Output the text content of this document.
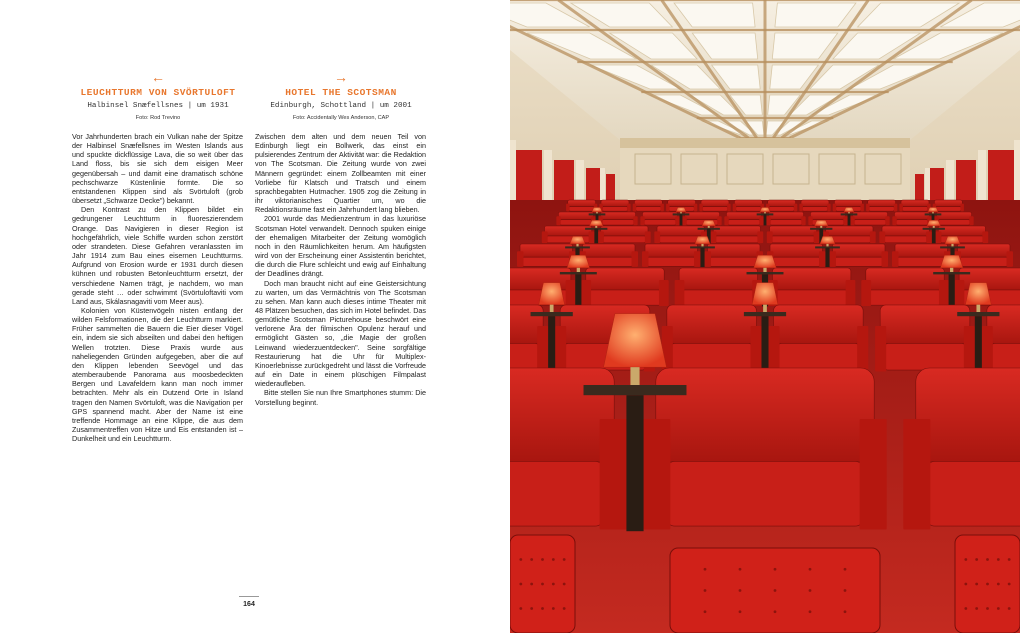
←
LEUCHTTURM VON SVÖRTULOFT
Halbinsel Snæfellsnes | um 1931
Foto: Rod Trevino
→
HOTEL THE SCOTSMAN
Edinburgh, Schottland | um 2001
Foto: Accidentally Wes Anderson, CAP

Vor Jahrhunderten brach ein Vulkan nahe der Spitze der Halbinsel Snæfellsnes im Westen Islands aus und spuckte dickflüssige Lava, die so weit über das Land floss, bis sie sich dem eisigen Meer gegenübersah – und damit eine dramatisch schöne pechschwarze Küstenlinie formte. Die so entstandenen Klippen sind als Svörtuloft (grob übersetzt „Schwarze Decke") bekannt.

Den Kontrast zu den Klippen bildet ein gedrungener Leuchtturm in fluoreszierendem Orange. Das Navigieren in dieser Region ist hochgefährlich, viele Schiffe wurden schon zerstört oder strandeten. Diese Gefahren veranlassten im Jahr 1914 zum Bau eines eisernen Leuchtturms. Aufgrund von Erosion wurde er 1931 durch diesen kühnen und robusten Betonleuchtturm ersetzt, der verschiedene Namen trägt, je nachdem, wo man gerade steht … oder schwimmt (Svörtuloftaviti vom Land aus, Skálasnagaviti vom Meer aus).

Kolonien von Küstenvögeln nisten entlang der wilden Felsformationen, die der Leuchtturm markiert. Früher sammelten die Bauern die Eier dieser Vögel ein, indem sie sich abseilten und dabei den heftigen Wellen trotzten. Diese Praxis wurde aus naheliegenden Gründen aufgegeben, aber die auf den Klippen lebenden Seevögel und das atemberaubende Panorama aus moosbedeckten Bergen und Lavafeldern kann man noch immer betrachten. Mehr als ein Dutzend Orte in Island tragen den Namen Svörtuloft, was die Navigation per GPS spannend macht. Aber der Name ist eine treffende Hommage an eine Klippe, die aus dem Zusammentreffen von Hitze und Eis entstanden ist – Dunkelheit und ein Leuchtturm.

Zwischen dem alten und dem neuen Teil von Edinburgh liegt ein Bollwerk, das einst ein pulsierendes Zentrum der Aktivität war: die Redaktion von The Scotsman. Die Zeitung wurde von zwei Männern gegründet: einem Zollbeamten mit einer Vorliebe für Klatsch und Tratsch und einem sprachbegabten Hutmacher. 1905 zog die Zeitung in ihr viktorianisches Quartier um, wo die Redaktionsräume fast ein Jahrhundert lang blieben.

2001 wurde das Medienzentrum in das luxuriöse Scotsman Hotel verwandelt. Dennoch spuken einige der ehemaligen Mitarbeiter der Zeitung womöglich noch in den Räumlichkeiten herum. Am häufigsten wird von der Erscheinung einer Assistentin berichtet, die durch die Flure schleicht und ewig auf Einhaltung der Deadlines drängt.

Doch man braucht nicht auf eine Geistersichtung zu warten, um das Vermächtnis von The Scotsman zu sehen. Man kann auch dieses intime Theater mit 48 Plätzen besuchen, das sich im Hotel befindet. Das gemütliche Scotsman Picturehouse beschwört eine verlorene Ära der filmischen Opulenz herauf und ermöglicht Gästen so, „die Magie der großen Leinwand wiederzuentdecken". Seine sorgfältige Restaurierung hat die Uhr für Multiplex-Kinoerlebnisse zurückgedreht und lässt die Vorfreude auf ein Date in einem plüschigen Filmpalast wiederaufleben.

Bitte stellen Sie nun Ihre Smartphones stumm: Die Vorstellung beginnt.

164
